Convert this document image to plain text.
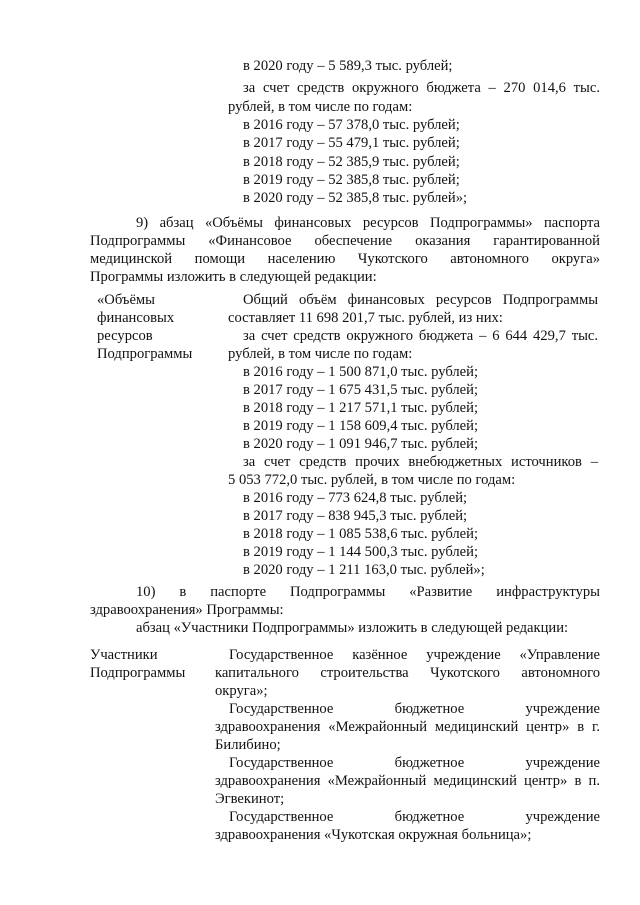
в 2020 году – 5 589,3 тыс. рублей;
за счет средств окружного бюджета – 270 014,6 тыс.
рублей, в том числе по годам:
в 2016 году – 57 378,0 тыс. рублей;
в 2017 году – 55 479,1 тыс. рублей;
в 2018 году – 52 385,9 тыс. рублей;
в 2019 году – 52 385,8 тыс. рублей;
в 2020 году – 52 385,8 тыс. рублей»;
9) абзац «Объёмы финансовых ресурсов Подпрограммы» паспорта
Подпрограммы «Финансовое обеспечение оказания гарантированной
медицинской помощи населению Чукотского автономного округа»
Программы изложить в следующей редакции:
«Объёмы
финансовых
ресурсов
Подпрограммы
Общий объём финансовых ресурсов Подпрограммы
составляет 11 698 201,7 тыс. рублей, из них:
за счет средств окружного бюджета – 6 644 429,7 тыс.
рублей, в том числе по годам:
в 2016 году – 1 500 871,0 тыс. рублей;
в 2017 году – 1 675 431,5 тыс. рублей;
в 2018 году – 1 217 571,1 тыс. рублей;
в 2019 году – 1 158 609,4 тыс. рублей;
в 2020 году – 1 091 946,7 тыс. рублей;
за счет средств прочих внебюджетных источников –
5 053 772,0 тыс. рублей, в том числе по годам:
в 2016 году – 773 624,8 тыс. рублей;
в 2017 году – 838 945,3 тыс. рублей;
в 2018 году – 1 085 538,6 тыс. рублей;
в 2019 году – 1 144 500,3 тыс. рублей;
в 2020 году – 1 211 163,0 тыс. рублей»;
10) в паспорте Подпрограммы «Развитие инфраструктуры
здравоохранения» Программы:
абзац «Участники Подпрограммы» изложить в следующей редакции:
Участники
Подпрограммы
Государственное казённое учреждение «Управление
капитального строительства Чукотского автономного
округа»;
Государственное бюджетное учреждение
здравоохранения «Межрайонный медицинский центр» в г.
Билибино;
Государственное бюджетное учреждение
здравоохранения «Межрайонный медицинский центр» в п.
Эгвекинот;
Государственное бюджетное учреждение
здравоохранения «Чукотская окружная больница»;
